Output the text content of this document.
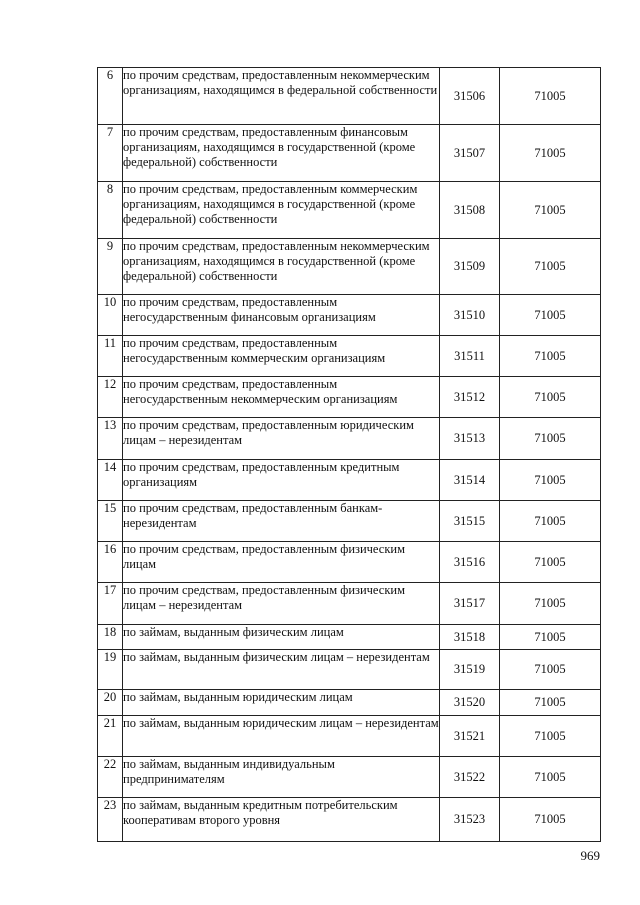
6	по прочим средствам, предоставленным некоммерческим организациям, находящимся в федеральной собственности	31506	71005
7	по прочим средствам, предоставленным финансовым организациям, находящимся в государственной (кроме федеральной) собственности	31507	71005
8	по прочим средствам, предоставленным коммерческим организациям, находящимся в государственной (кроме федеральной) собственности	31508	71005
9	по прочим средствам, предоставленным некоммерческим организациям, находящимся в государственной (кроме федеральной) собственности	31509	71005
10	по прочим средствам, предоставленным негосударственным финансовым организациям	31510	71005
11	по прочим средствам, предоставленным негосударственным коммерческим организациям	31511	71005
12	по прочим средствам, предоставленным негосударственным некоммерческим организациям	31512	71005
13	по прочим средствам, предоставленным юридическим лицам – нерезидентам	31513	71005
14	по прочим средствам, предоставленным кредитным организациям	31514	71005
15	по прочим средствам, предоставленным банкам-нерезидентам	31515	71005
16	по прочим средствам, предоставленным физическим лицам	31516	71005
17	по прочим средствам, предоставленным физическим лицам – нерезидентам	31517	71005
18	по займам, выданным физическим лицам	31518	71005
19	по займам, выданным физическим лицам – нерезидентам	31519	71005
20	по займам, выданным юридическим лицам	31520	71005
21	по займам, выданным юридическим лицам – нерезидентам	31521	71005
22	по займам, выданным индивидуальным предпринимателям	31522	71005
23	по займам, выданным кредитным потребительским кооперативам второго уровня	31523	71005
969
